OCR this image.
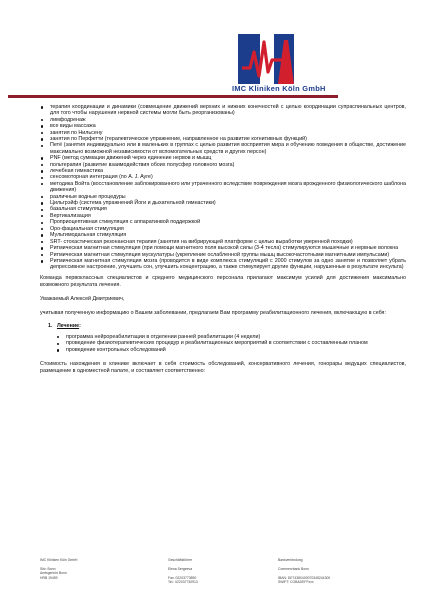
IMC Kliniken Köln GmbH
терапия координации и динамики (совмещение движений верхних и нижних конечностей с целью координации супраспинальных центров, для того чтобы нарушения нервной системы могли быть реорганизованы)
лимфодренаж
все виды массажа
занятия по Нильсену
занятия по Перфетти (терапевтическое упражнение, направленное на развитие когнитивных функций)
Петё (занятия индивидуально или в маленьких в группах с целью развития восприятия мира и обучению поведения в обществе, достижение максимально возможной независимости от вспомогательных средств и других персон)
PNF (метод суммации движений через единение нервов и мышц
польтерапия (развитие взаимодействия обоих полусфер головного мозга)
лечебная гимнастика
сенсомоторная интеграция (по A. J. Ayre)
методика Войта (восстановление заблокированного или утраченного вследствие повреждения мозга врожденного физиологического шаблона движения)
различные водные процедуры
Цильгрэйф (система упражнений Йоги и дыхательной гимнастики)
базальная стимуляция
Вертикализация
Проприоцептивная стимуляция с аппаратинвой поддержкой
Оро-фациальная стимуляция
Мультимодальная стимуляция
SRT- стохастическая резонансная терапия (занятия на вибрирующей платформе с целью выработки уверенной походки)
Ритмическая магнитная стимуляция (при помощи магнитного поля высокой силы (3-4 тесла) стимулируются мышечные и нервные волокна
Ритмическая магнитная стимуляция мускулатуры (укрепление ослабленной группы мышц высокочастотными магнитными импульсами)
Ритмическая магнитная стимуляция мозга (проводится в виде комплекса стимуляций с 2000 стимулов за одно занятие и позволяет убрать депрессивное настроение, улучшить сон, улучшить концентрацию, а также стимулирует другие функции, нарушенные в результате инсульта)
Команда первоклассных специалистов и среднего медицинского персонала прилагают максимум усилий для достижения максимально возможного результата лечения.
Уважаемый Алексей Дмитриевич,
учитывая полученную информацию о Вашем заболевании, предлагаем Вам программу реабилитационного лечения, включающую в себя:
1. Лечение:
программа нейрореабилитации в отделении ранней реабилитации (4 недели)
проведение физиотерапевтических процедур и реабилитационных мероприятий в соответствии с составленным планом
проведение контрольных обследований
Стоимость нахождения в клинике включает в себя стоимость обследований, консервативного лечения, гонорары ведущих специалистов, размещение в одноместной палате, и составляет соответственно:
IMC Kliniken Köln GmbH

Sitz: Bonn
Amtsgericht Bonn
HRB 19459
Geschäftsführer

Elena Sergeeva

Fax: 02203773890
Tel.: 022037730913
Bankverbindung

Commerzbank Bonn

IBAN: DE74380400070345244300
SWIFT: COBADEFFxxx
